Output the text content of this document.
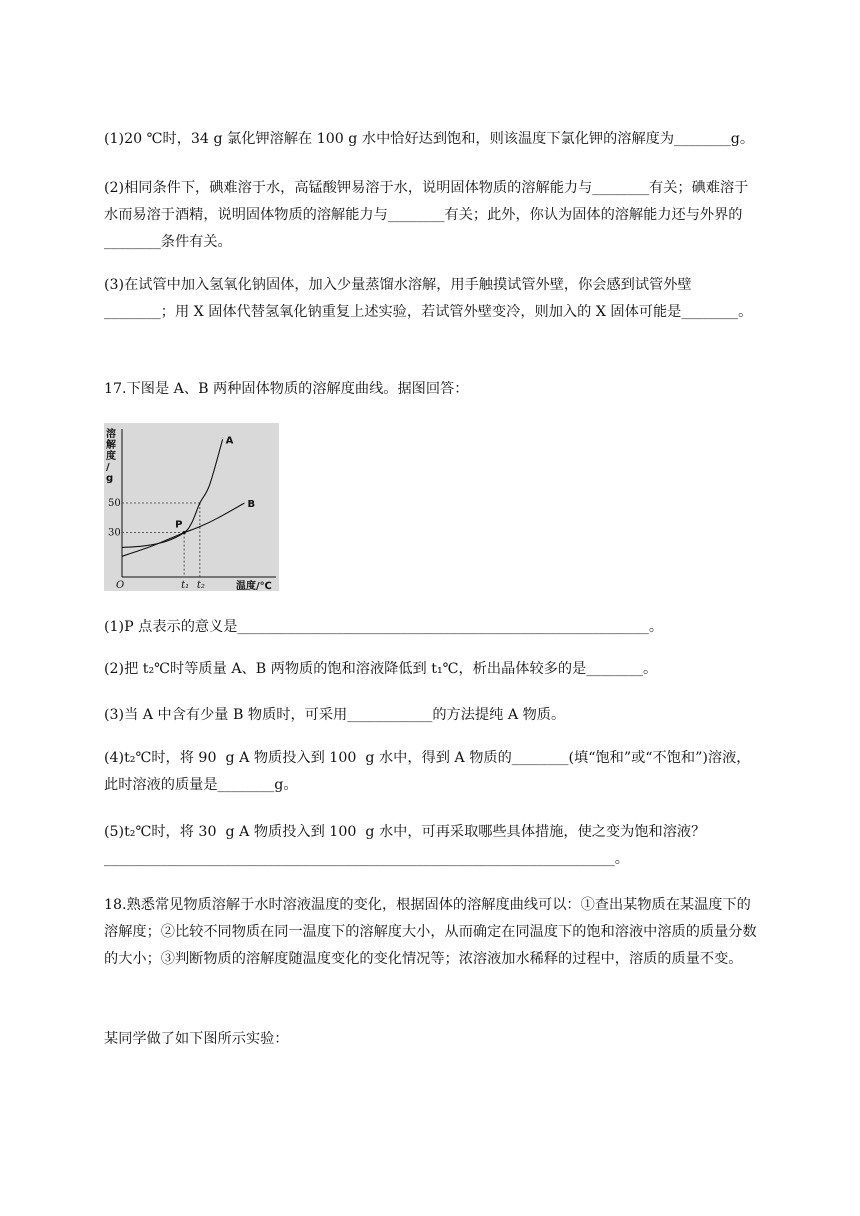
(1)20 ℃时，34 g 氯化钾溶解在 100 g 水中恰好达到饱和，则该温度下氯化钾的溶解度为________g。

(2)相同条件下，碘难溶于水，高锰酸钾易溶于水，说明固体物质的溶解能力与________有关；碘难溶于水而易溶于酒精，说明固体物质的溶解能力与________有关；此外，你认为固体的溶解能力还与外界的________条件有关。

(3)在试管中加入氢氧化钠固体，加入少量蒸馏水溶解，用手触摸试管外壁，你会感到试管外壁________；用 X 固体代替氢氧化钠重复上述实验，若试管外壁变冷，则加入的 X 固体可能是________。

17.下图是 A、B 两种固体物质的溶解度曲线。据图回答：

溶解度/ g
温度/℃
O
30
50
t₁ t₂
A
B
P

(1)P 点表示的意义是__________________________________________________________。

(2)把 t₂℃时等质量 A、B 两物质的饱和溶液降低到 t₁℃，析出晶体较多的是________。

(3)当 A 中含有少量 B 物质时，可采用____________的方法提纯 A 物质。

(4)t₂℃时，将 90  g A 物质投入到 100  g 水中，得到 A 物质的________(填“饱和”或“不饱和”)溶液，此时溶液的质量是________g。

(5)t₂℃时，将 30  g A 物质投入到 100  g 水中，可再采取哪些具体措施，使之变为饱和溶液？________________________________________________________________________。

18.熟悉常见物质溶解于水时溶液温度的变化，根据固体的溶解度曲线可以：①查出某物质在某温度下的溶解度；②比较不同物质在同一温度下的溶解度大小，从而确定在同温度下的饱和溶液中溶质的质量分数的大小；③判断物质的溶解度随温度变化的变化情况等；浓溶液加水稀释的过程中，溶质的质量不变。

某同学做了如下图所示实验：
